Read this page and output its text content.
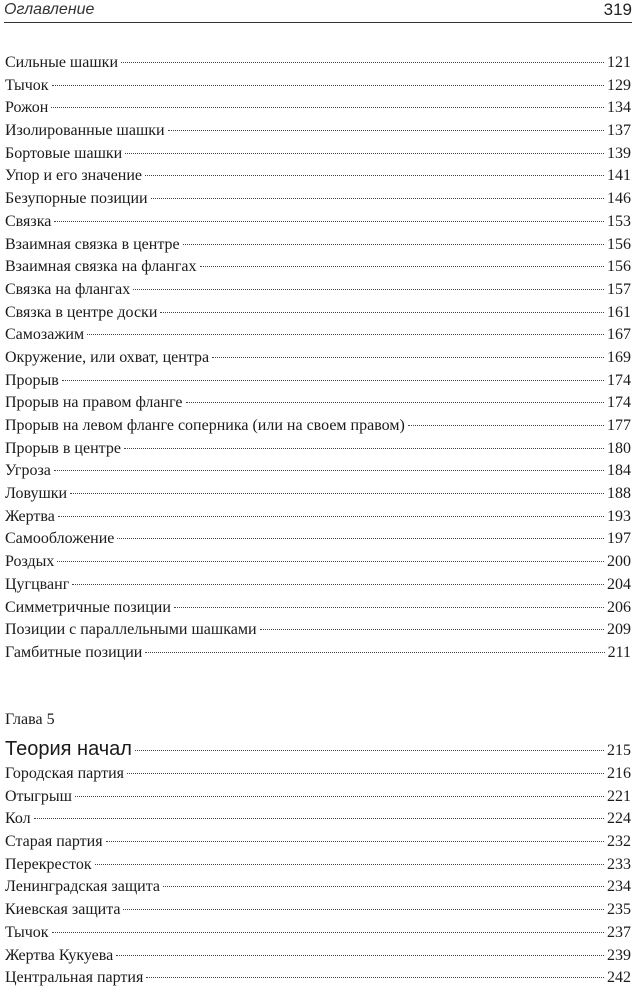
Оглавление	319
Сильные шашки	121
Тычок	129
Рожон	134
Изолированные шашки	137
Бортовые шашки	139
Упор и его значение	141
Безупорные позиции	146
Связка	153
Взаимная связка в центре	156
Взаимная связка на флангах	156
Связка на флангах	157
Связка в центре доски	161
Самозажим	167
Окружение, или охват, центра	169
Прорыв	174
Прорыв на правом фланге	174
Прорыв на левом фланге соперника (или на своем правом)	177
Прорыв в центре	180
Угроза	184
Ловушки	188
Жертва	193
Самообложение	197
Роздых	200
Цугцванг	204
Симметричные позиции	206
Позиции с параллельными шашками	209
Гамбитные позиции	211
Глава 5
Теория начал	215
Городская партия	216
Отыгрыш	221
Кол	224
Старая партия	232
Перекресток	233
Ленинградская защита	234
Киевская защита	235
Тычок	237
Жертва Кукуева	239
Центральная партия	242
